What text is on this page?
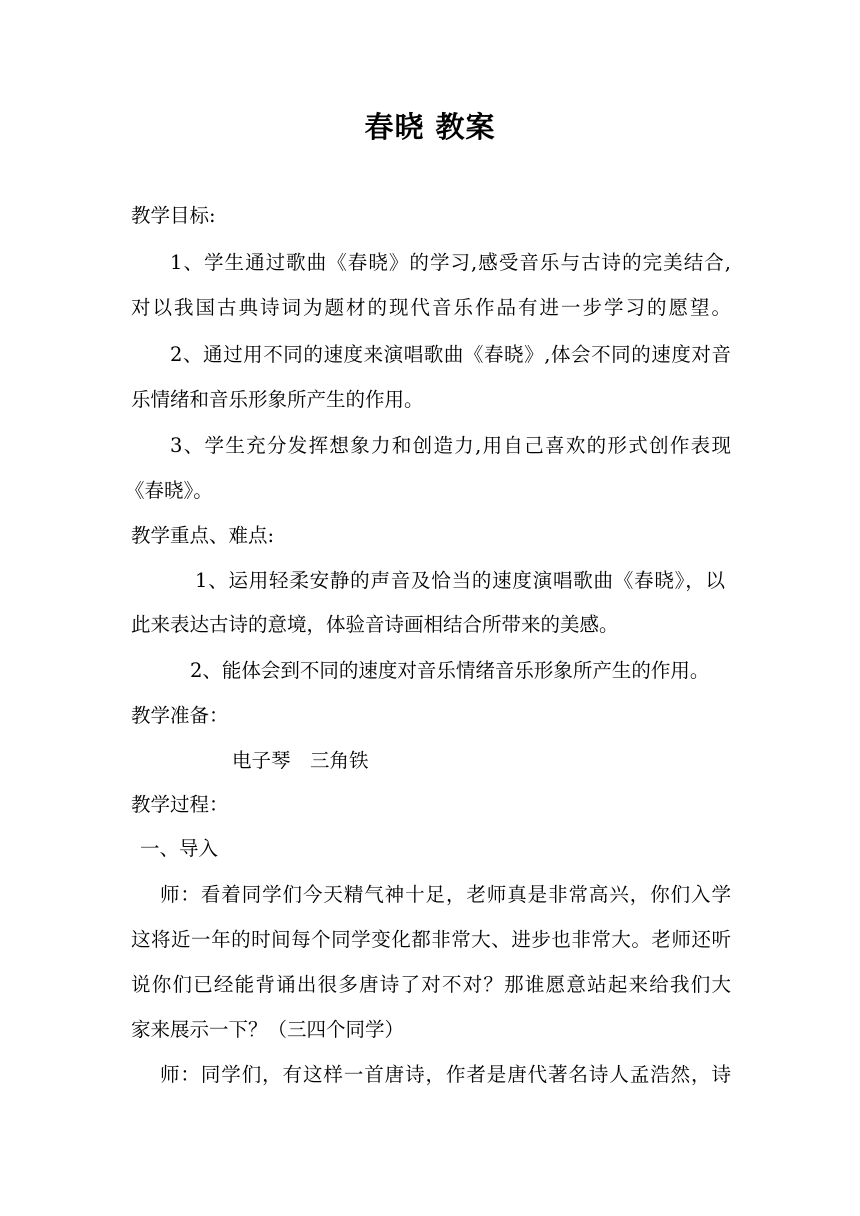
春晓 教案
教学目标:
1、学生通过歌曲《春晓》的学习,感受音乐与古诗的完美结合,
对以我国古典诗词为题材的现代音乐作品有进一步学习的愿望。
2、通过用不同的速度来演唱歌曲《春晓》,体会不同的速度对音
乐情绪和音乐形象所产生的作用。
3、学生充分发挥想象力和创造力,用自己喜欢的形式创作表现
《春晓》。
教学重点、难点:
1、运用轻柔安静的声音及恰当的速度演唱歌曲《春晓》，以
此来表达古诗的意境，体验音诗画相结合所带来的美感。
2、能体会到不同的速度对音乐情绪音乐形象所产生的作用。
教学准备：
电子琴　三角铁
教学过程：
一、导入
师：看着同学们今天精气神十足，老师真是非常高兴，你们入学
这将近一年的时间每个同学变化都非常大、进步也非常大。老师还听
说你们已经能背诵出很多唐诗了对不对？那谁愿意站起来给我们大
家来展示一下？（三四个同学）
师：同学们，有这样一首唐诗，作者是唐代著名诗人孟浩然，诗
